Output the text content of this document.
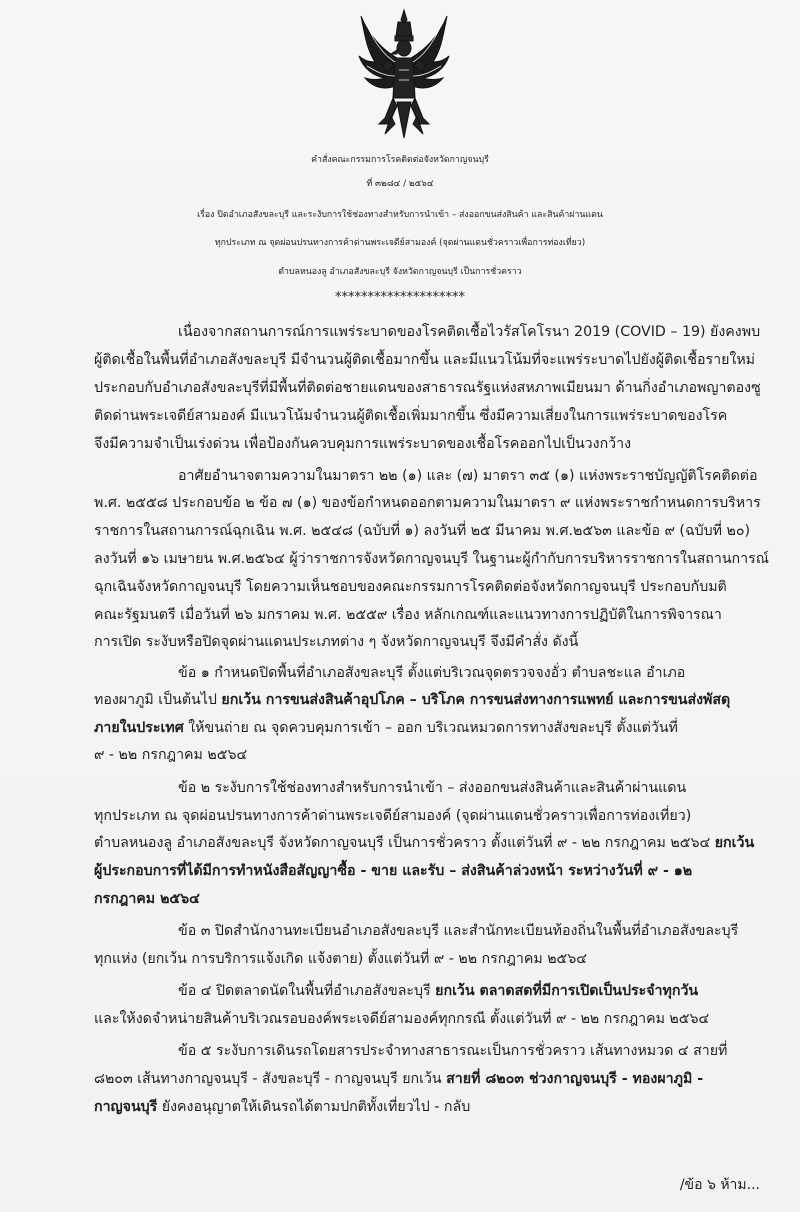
คำสั่งคณะกรรมการโรคติดต่อจังหวัดกาญจนบุรี
ที่ ๓๒๘๔ / ๒๕๖๔
เรื่อง ปิดอำเภอสังขละบุรี และระงับการใช้ช่องทางสำหรับการนำเข้า – ส่งออกขนส่งสินค้า และสินค้าผ่านแดน
ทุกประเภท ณ จุดผ่อนปรนทางการค้าด่านพระเจดีย์สามองค์ (จุดผ่านแดนชั่วคราวเพื่อการท่องเที่ยว)
ตำบลหนองลู อำเภอสังขละบุรี จังหวัดกาญจนบุรี เป็นการชั่วคราว
********************
เนื่องจากสถานการณ์การแพร่ระบาดของโรคติดเชื้อไวรัสโคโรนา 2019 (COVID – 19) ยังคงพบ
ผู้ติดเชื้อในพื้นที่อำเภอสังขละบุรี มีจำนวนผู้ติดเชื้อมากขึ้น และมีแนวโน้มที่จะแพร่ระบาดไปยังผู้ติดเชื้อรายใหม่
ประกอบกับอำเภอสังขละบุรีที่มีพื้นที่ติดต่อชายแดนของสาธารณรัฐแห่งสหภาพเมียนมา ด้านกิ่งอำเภอพญาตองซู
ติดด่านพระเจดีย์สามองค์ มีแนวโน้มจำนวนผู้ติดเชื้อเพิ่มมากขึ้น ซึ่งมีความเสี่ยงในการแพร่ระบาดของโรค
จึงมีความจำเป็นเร่งด่วน เพื่อป้องกันควบคุมการแพร่ระบาดของเชื้อโรคออกไปเป็นวงกว้าง
อาศัยอำนาจตามความในมาตรา ๒๒ (๑) และ (๗) มาตรา ๓๕ (๑) แห่งพระราชบัญญัติโรคติดต่อ
พ.ศ. ๒๕๕๘ ประกอบข้อ ๒ ข้อ ๗ (๑) ของข้อกำหนดออกตามความในมาตรา ๙ แห่งพระราชกำหนดการบริหาร
ราชการในสถานการณ์ฉุกเฉิน พ.ศ. ๒๕๔๘ (ฉบับที่ ๑) ลงวันที่ ๒๕ มีนาคม พ.ศ.๒๕๖๓ และข้อ ๙ (ฉบับที่ ๒๐)
ลงวันที่ ๑๖ เมษายน พ.ศ.๒๕๖๔ ผู้ว่าราชการจังหวัดกาญจนบุรี ในฐานะผู้กำกับการบริหารราชการในสถานการณ์
ฉุกเฉินจังหวัดกาญจนบุรี โดยความเห็นชอบของคณะกรรมการโรคติดต่อจังหวัดกาญจนบุรี ประกอบกับมติ
คณะรัฐมนตรี เมื่อวันที่ ๒๖ มกราคม พ.ศ. ๒๕๕๙ เรื่อง หลักเกณฑ์และแนวทางการปฏิบัติในการพิจารณา
การเปิด ระงับหรือปิดจุดผ่านแดนประเภทต่าง ๆ จังหวัดกาญจนบุรี จึงมีคำสั่ง ดังนี้
ข้อ ๑ กำหนดปิดพื้นที่อำเภอสังขละบุรี ตั้งแต่บริเวณจุดตรวจจงอั่ว ตำบลชะแล อำเภอ
ทองผาภูมิ เป็นต้นไป ยกเว้น การขนส่งสินค้าอุปโภค – บริโภค การขนส่งทางการแพทย์ และการขนส่งพัสดุ
ภายในประเทศ ให้ขนถ่าย ณ จุดควบคุมการเข้า – ออก บริเวณหมวดการทางสังขละบุรี ตั้งแต่วันที่
๙ - ๒๒ กรกฎาคม ๒๕๖๔
ข้อ ๒ ระงับการใช้ช่องทางสำหรับการนำเข้า – ส่งออกขนส่งสินค้าและสินค้าผ่านแดน
ทุกประเภท ณ จุดผ่อนปรนทางการค้าด่านพระเจดีย์สามองค์ (จุดผ่านแดนชั่วคราวเพื่อการท่องเที่ยว)
ตำบลหนองลู อำเภอสังขละบุรี จังหวัดกาญจนบุรี เป็นการชั่วคราว ตั้งแต่วันที่ ๙ - ๒๒ กรกฎาคม ๒๕๖๔ ยกเว้น
ผู้ประกอบการที่ได้มีการทำหนังสือสัญญาซื้อ - ขาย และรับ – ส่งสินค้าล่วงหน้า ระหว่างวันที่ ๙ - ๑๒
กรกฎาคม ๒๕๖๔
ข้อ ๓ ปิดสำนักงานทะเบียนอำเภอสังขละบุรี และสำนักทะเบียนท้องถิ่นในพื้นที่อำเภอสังขละบุรี
ทุกแห่ง (ยกเว้น การบริการแจ้งเกิด แจ้งตาย) ตั้งแต่วันที่ ๙ - ๒๒ กรกฎาคม ๒๕๖๔
ข้อ ๔ ปิดตลาดนัดในพื้นที่อำเภอสังขละบุรี ยกเว้น ตลาดสดที่มีการเปิดเป็นประจำทุกวัน
และให้งดจำหน่ายสินค้าบริเวณรอบองค์พระเจดีย์สามองค์ทุกกรณี ตั้งแต่วันที่ ๙ - ๒๒ กรกฎาคม ๒๕๖๔
ข้อ ๕ ระงับการเดินรถโดยสารประจำทางสาธารณะเป็นการชั่วคราว เส้นทางหมวด ๔ สายที่
๘๒๐๓ เส้นทางกาญจนบุรี - สังขละบุรี - กาญจนบุรี ยกเว้น สายที่ ๘๒๐๓ ช่วงกาญจนบุรี - ทองผาภูมิ -
กาญจนบุรี ยังคงอนุญาตให้เดินรถได้ตามปกติทั้งเที่ยวไป - กลับ
/ข้อ ๖ ห้าม...
